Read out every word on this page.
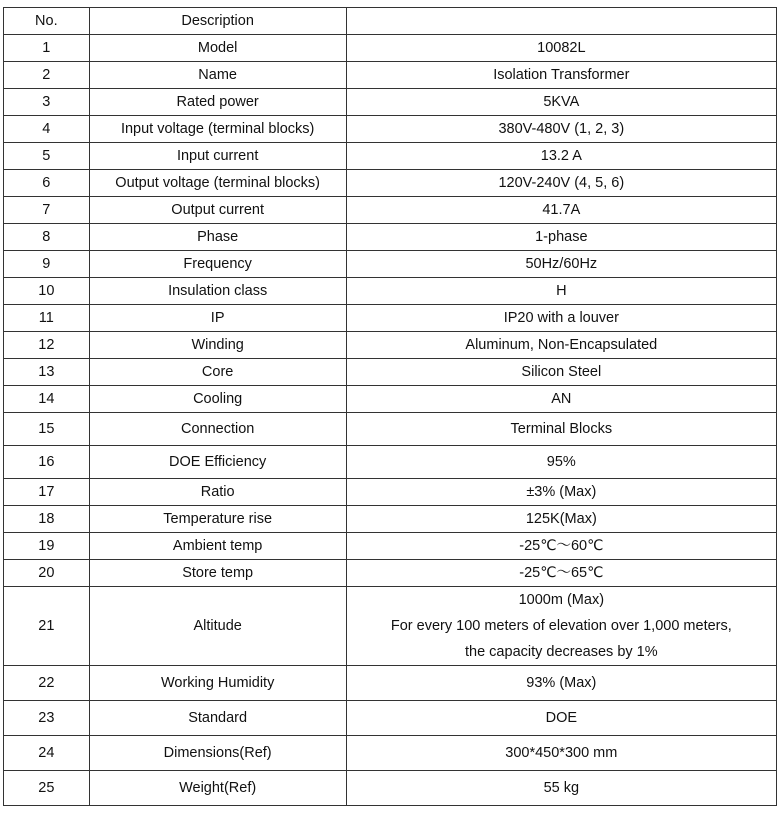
No.	Description	
1	Model	10082L
2	Name	Isolation Transformer
3	Rated power	5KVA
4	Input voltage (terminal blocks)	380V-480V (1, 2, 3)
5	Input current	13.2 A
6	Output voltage (terminal blocks)	120V-240V (4, 5, 6)
7	Output current	41.7A
8	Phase	1-phase
9	Frequency	50Hz/60Hz
10	Insulation class	H
11	IP	IP20 with a louver
12	Winding	Aluminum, Non-Encapsulated
13	Core	Silicon Steel
14	Cooling	AN
15	Connection	Terminal Blocks
16	DOE Efficiency	95%
17	Ratio	±3% (Max)
18	Temperature rise	125K(Max)
19	Ambient temp	-25℃～60℃
20	Store temp	-25℃～65℃
21	Altitude	1000m (Max)
For every 100 meters of elevation over 1,000 meters,
the capacity decreases by 1%

22	Working Humidity	93% (Max)
23	Standard	DOE
24	Dimensions(Ref)	300*450*300 mm
25	Weight(Ref)	55 kg
